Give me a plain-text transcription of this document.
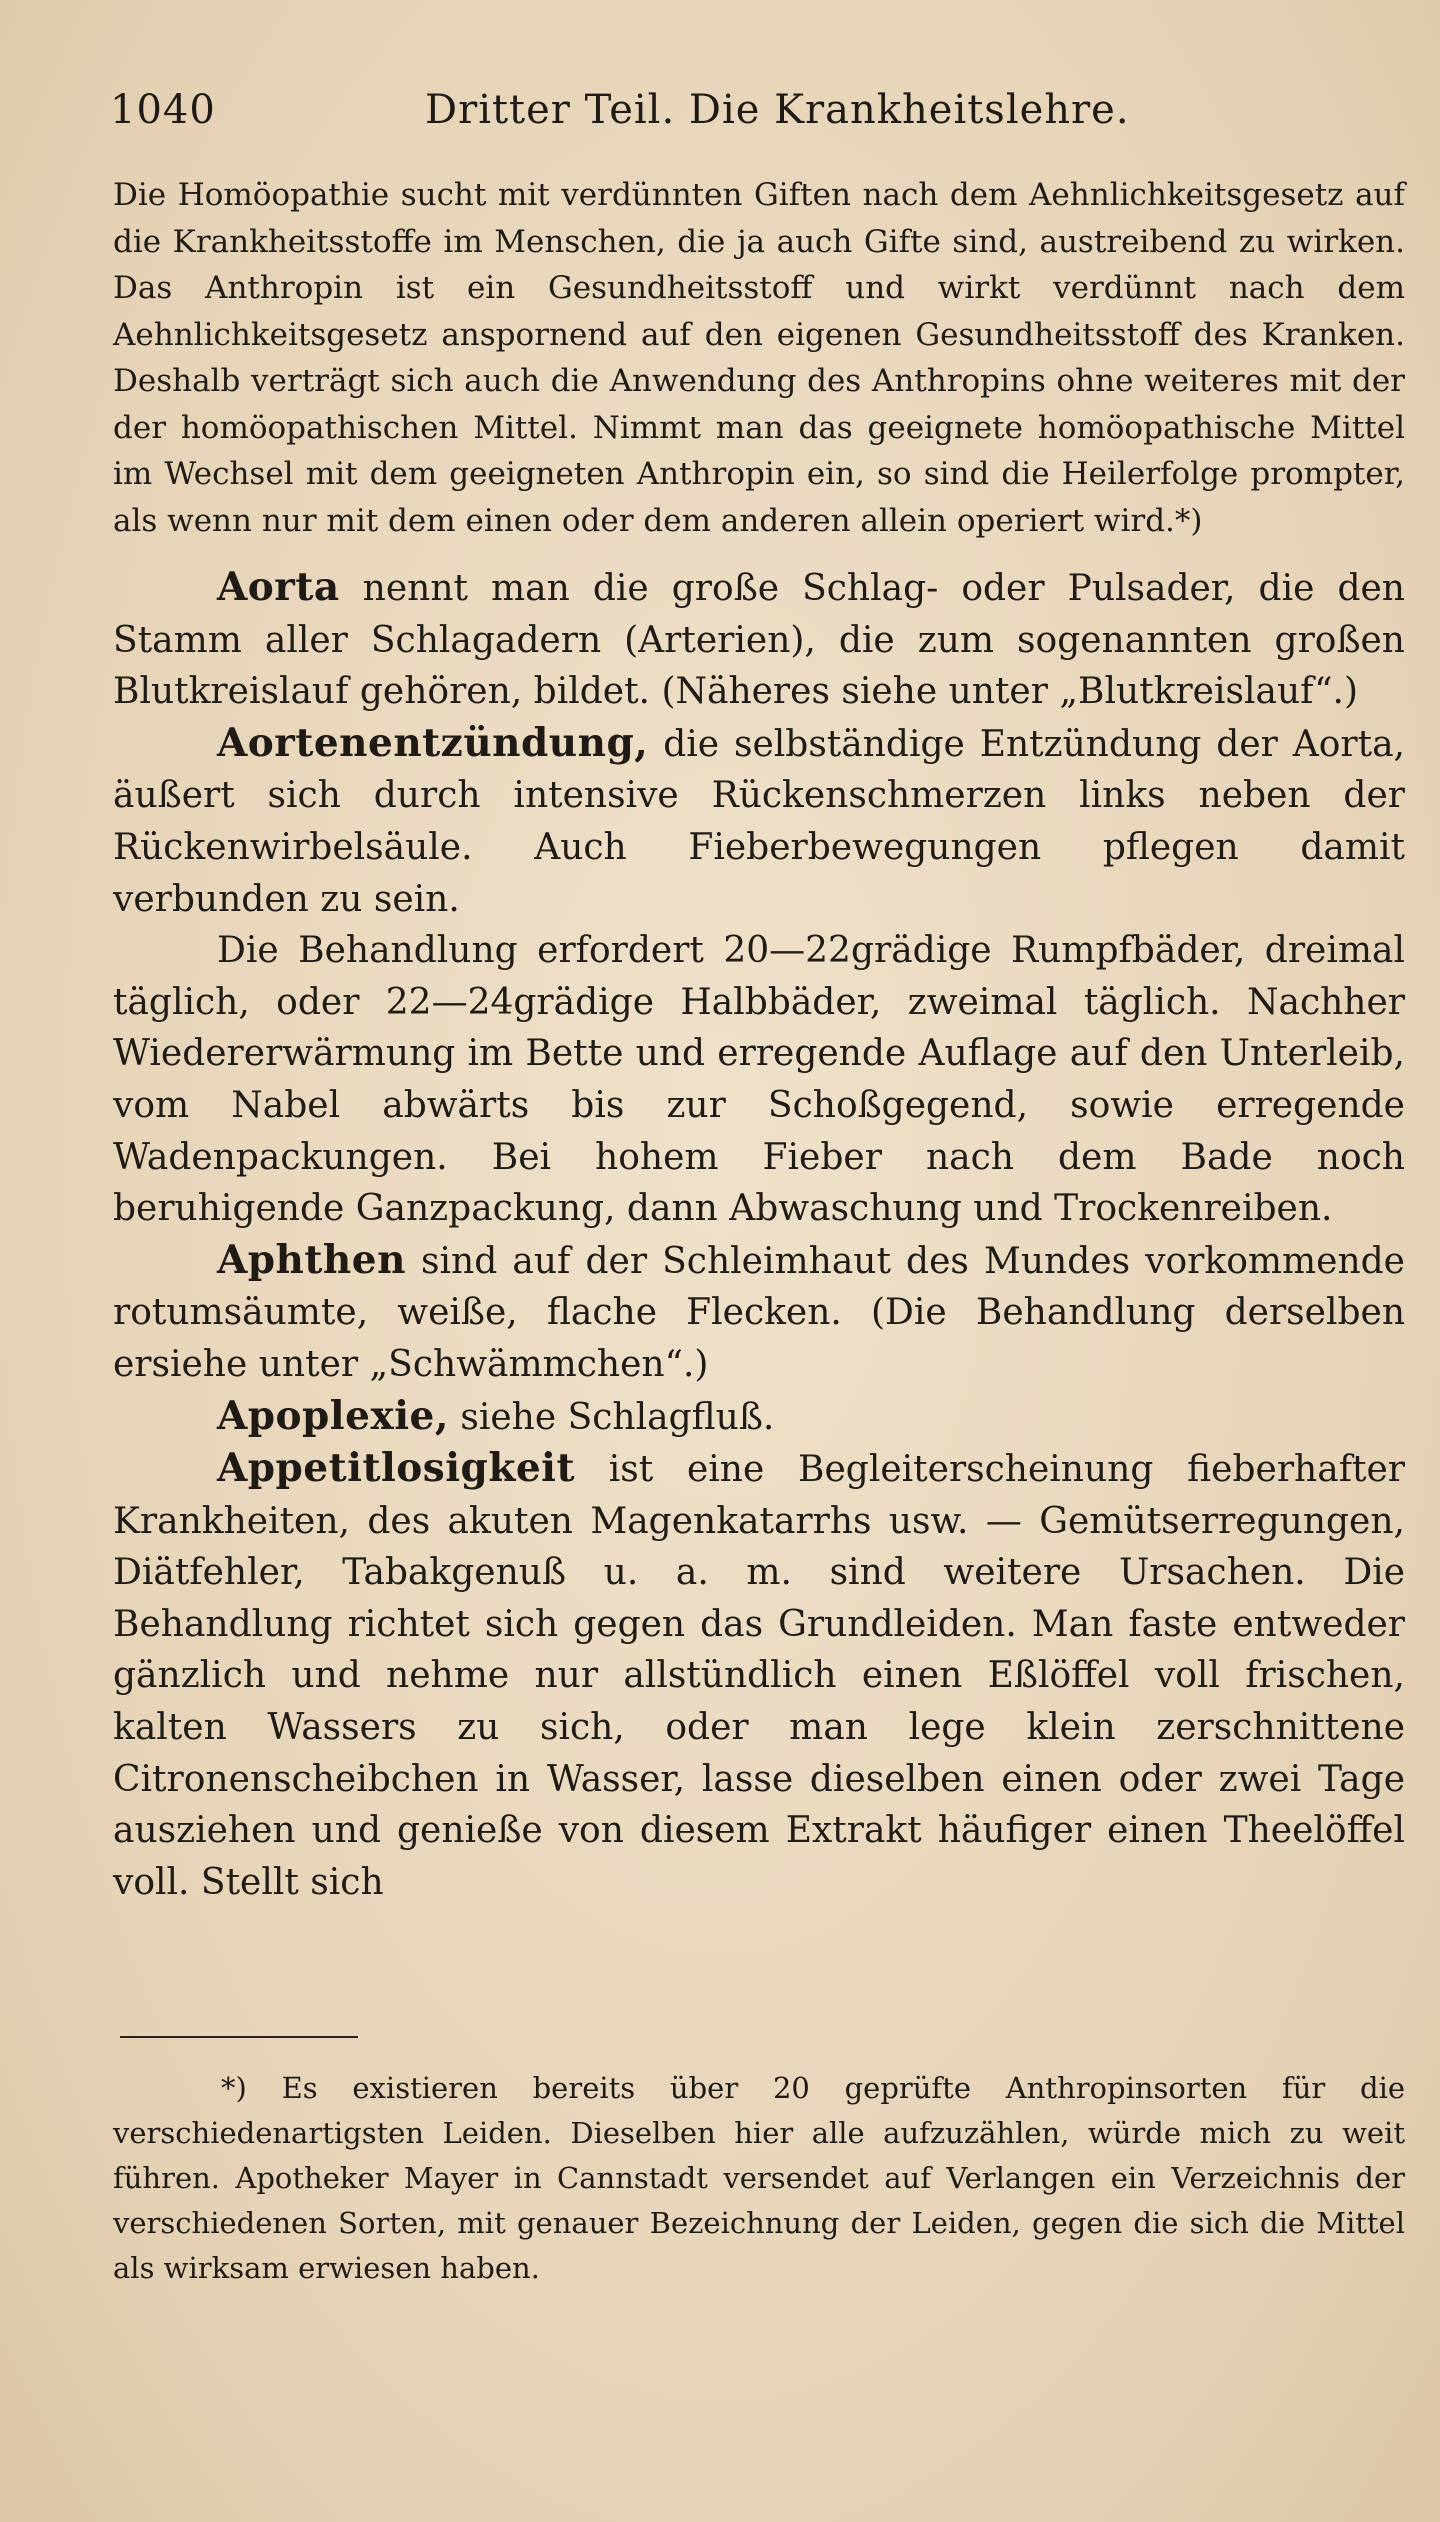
1040	Dritter Teil. Die Krankheitslehre.

Die Homöopathie sucht mit verdünnten Giften nach dem Aehnlichkeitsgesetz auf die Krankheitsstoffe im Menschen, die ja auch Gifte sind, austreibend zu wirken. Das Anthropin ist ein Gesundheitsstoff und wirkt verdünnt nach dem Aehnlichkeitsgesetz anspornend auf den eigenen Gesundheitsstoff des Kranken. Deshalb verträgt sich auch die Anwendung des Anthropins ohne weiteres mit der der homöopathischen Mittel. Nimmt man das geeignete homöopathische Mittel im Wechsel mit dem geeigneten Anthropin ein, so sind die Heilerfolge prompter, als wenn nur mit dem einen oder dem anderen allein operiert wird.*)

Aorta nennt man die große Schlag- oder Pulsader, die den Stamm aller Schlagadern (Arterien), die zum sogenannten großen Blutkreislauf gehören, bildet. (Näheres siehe unter „Blutkreislauf“.)

Aortenentzündung, die selbständige Entzündung der Aorta, äußert sich durch intensive Rückenschmerzen links neben der Rückenwirbelsäule. Auch Fieberbewegungen pflegen damit verbunden zu sein.

Die Behandlung erfordert 20—22grädige Rumpfbäder, dreimal täglich, oder 22—24grädige Halbbäder, zweimal täglich. Nachher Wiedererwärmung im Bette und erregende Auflage auf den Unterleib, vom Nabel abwärts bis zur Schoßgegend, sowie erregende Wadenpackungen. Bei hohem Fieber nach dem Bade noch beruhigende Ganzpackung, dann Abwaschung und Trockenreiben.

Aphthen sind auf der Schleimhaut des Mundes vorkommende rotumsäumte, weiße, flache Flecken. (Die Behandlung derselben ersiehe unter „Schwämmchen“.)

Apoplexie, siehe Schlagfluß.

Appetitlosigkeit ist eine Begleiterscheinung fieberhafter Krankheiten, des akuten Magenkatarrhs usw. — Gemütserregungen, Diätfehler, Tabakgenuß u. a. m. sind weitere Ursachen. Die Behandlung richtet sich gegen das Grundleiden. Man faste entweder gänzlich und nehme nur allstündlich einen Eßlöffel voll frischen, kalten Wassers zu sich, oder man lege klein zerschnittene Citronenscheibchen in Wasser, lasse dieselben einen oder zwei Tage ausziehen und genieße von diesem Extrakt häufiger einen Theelöffel voll. Stellt sich

*) Es existieren bereits über 20 geprüfte Anthropinsorten für die verschiedenartigsten Leiden. Dieselben hier alle aufzuzählen, würde mich zu weit führen. Apotheker Mayer in Cannstadt versendet auf Verlangen ein Verzeichnis der verschiedenen Sorten, mit genauer Bezeichnung der Leiden, gegen die sich die Mittel als wirksam erwiesen haben.
